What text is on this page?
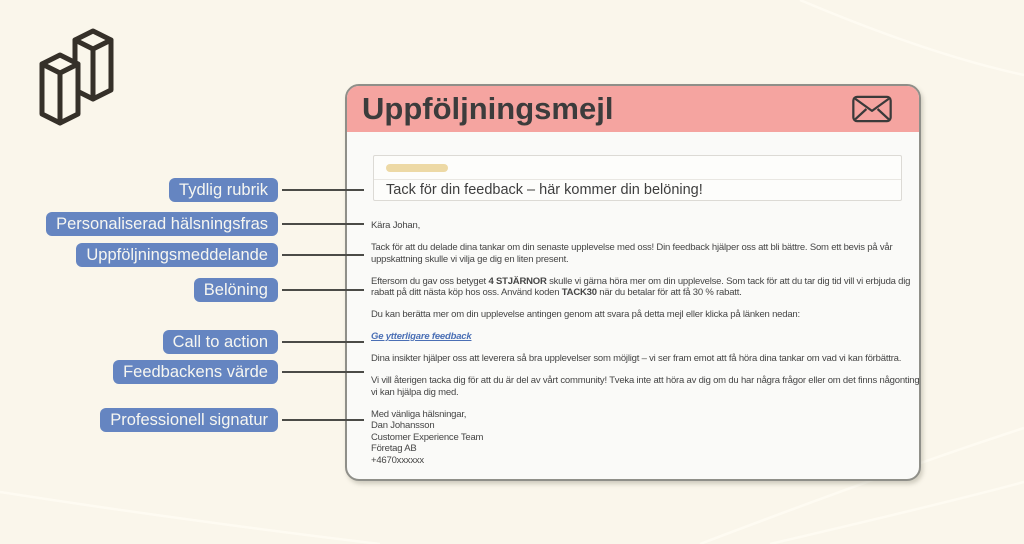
Uppföljningsmejl
Tack för din feedback – här kommer din belöning!

Kära Johan,

Tack för att du delade dina tankar om din senaste upplevelse med oss! Din feedback hjälper oss att bli bättre. Som ett bevis på vår uppskattning skulle vi vilja ge dig en liten present.

Eftersom du gav oss betyget 4 STJÄRNOR skulle vi gärna höra mer om din upplevelse. Som tack för att du tar dig tid vill vi erbjuda dig rabatt på ditt nästa köp hos oss. Använd koden TACK30 när du betalar för att få 30 % rabatt.

Du kan berätta mer om din upplevelse antingen genom att svara på detta mejl eller klicka på länken nedan:

Ge ytterligare feedback

Dina insikter hjälper oss att leverera så bra upplevelser som möjligt – vi ser fram emot att få höra dina tankar om vad vi kan förbättra.

Vi vill återigen tacka dig för att du är del av vårt community! Tveka inte att höra av dig om du har några frågor eller om det finns någonting vi kan hjälpa dig med.

Med vänliga hälsningar,
Dan Johansson
Customer Experience Team
Företag AB
+4670xxxxxx
Tydlig rubrik
Personaliserad hälsningsfras
Uppföljningsmeddelande
Belöning
Call to action
Feedbackens värde
Professionell signatur
